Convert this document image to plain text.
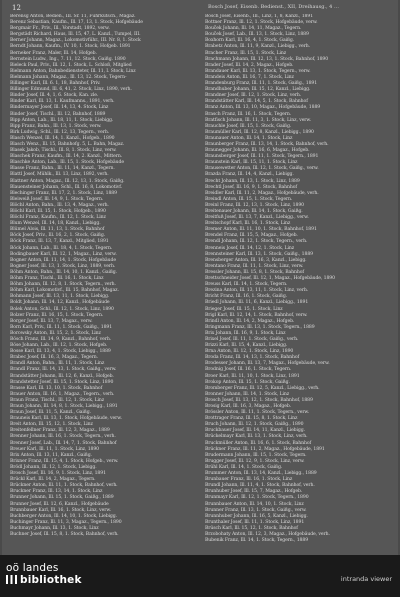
12	Bosch Josef, Eisenb. Bedienst., XII, Dreihausg., 4 …
Berensg Anton, Bedien., III. Sr. 11, Fuhrkutsch., Magaz.
Berenz Sebastian, Kaufm., Ill. 17, 13, 1. Stock, Hofgebäude
Bergmair Fr., Priv., Ill., Vorstadt, 1892, verw.
Bergstädt Richard, Haus, Ill. 15, 47, L. Kanzl., Tumpel, III.
Berner Johann, Magaz., Lokomotivführ., III. Nr. 8, 1. Stock
Berndt Johann, Kaufm., IV. 10, 1. Stock, Hofgeb. 1891
Berneker Franz, Maler, Ill. 14, Hofgeb.
Bernstein Ludw., Ing., 7. 11, 12. Stock, Gaißg. 1890
Bieleck Paul, Priv., Ill. 12, 1. Stock, L. Schloß, Mitglied
Bielmann Anton, Bahnbediensteter, Ill. 11, I. Stock, Linz
Bielmann Johann, Magaz., Ill. 13, 12. Stock, Tegern-
Billinger Karl, Ill. 6. 1, 18, Bahnhof, Priv.
Billinger Edmund, Ill. 6, 41, 2. Stock, Linz, 1890, verh.
Binder Josef, Ill. 4, 1, 6. Stock, Kan. zle.
Binder Karl, Ill. 13, 1. Kaufmanns., 1891, verh.
Bindermayer Josef, Ill. 14, 13, 4. Stock, Linz
Binder Josef, Tischl., Ill. 12, Bahnhof, 1889
Bipp Anton, Lab., Ill. 18, 11, 1. Stock, Liebigg.
Bipp Franz, Bahn., Ill. 13, 1. Stock, verw.
Birk Ludwig, Schl., Ill. 12, 13, Tegern., verh.
Blasch Wenzel, Ill. 14, 1. Kanzl., Hofgeb., 1890
Blasch Wenz., Ill. 15, Bahnhofg. 5, L. Bahn, Magaz.
Blasek Jakob, Tischl., Ill. 8, 1. Stock, Linz, verw.
Blaschek Franz, Kaufm., Ill. 14, 2. Kanzl., Mittern.
Blaschke Anton, Lab., Ill. 15, 1. Stock, Hofgebäude
Blasse Franz, Bahn., Ill. 11, 14, Kanzl., Tegern.
Blattl Josef, Mühlk., Ill. 13, Linz, 1892, verh.
Blattner Anton, Magaz., Ill. 12, 13, 1. Stock, Gaißg.
Blauensteiner Johann, Schl., Ill. 16, 8, Lokomotivf.
Blechinger Franz, Ill. 17, 2, 1. Stock, Linz, 1889
Bleiweiß Josef, Ill. 14, 9, 1. Stock, Tegern.
Blöchl Anton, Bahn., Ill. 13, 4, Magaz., verh.
Blöchl Karl, Ill. 15, 1. Stock, Hofgeb., 1890
Blöchl Franz, Kaufm., Ill. 12, 1. Stock, Linz
Blum Wenzel, Ill. 14, 18, Kanzl., Liebigg.
Blümel Alois, Ill. 11, 13, 1. Stock, Bahnhof
Böck Josef, Priv., Ill. 16, 2, 1. Stock, Gaißg.
Böck Franz, Ill. 13, 7, Kanzl., Mitglied, 1891
Böck Johann, Lab., Ill. 18, 4, 1. Stock, Tegern.
Bodingbauer Karl, Ill. 12, 1, Magaz., Linz, verw.
Bogner Anton, Ill. 11, 14, 1. Stock, Hofgebäude
Bogner Josef, Ill. 13, 1. Stock, Linz, 1889, verh.
Böhm Anton, Bahn., Ill. 14, 10, 1. Kanzl., Gaißg.
Böhm Franz, Tischl., Ill. 16, 1. Stock, Linz
Böhm Johann, Ill. 12, 8, 1. Stock, Tegern., verh.
Böhm Karl, Lokomotivf., Ill. 15, Bahnhof, Magaz.
Bohmann Josef, Ill. 13, 11, 1. Stock, Liebigg.
Boldt Johann, Ill. 14, 12, Kanzl., Hofgebäude
Bolek Anton, Schl., Ill. 12, 1. Stock, Linz, 1890
Bolzer Franz, Ill. 16, 15, 1. Stock, Tegern.
Borger Josef, Ill. 13, 7, Magaz., verw.
Born Karl, Priv., Ill. 11, 1. Stock, Gaißg., 1891
Borowsky Anton, Ill. 15, 2, 1. Stock, Linz
Bösch Franz, Ill. 14, 9, Kanzl., Bahnhof, verh.
Böse Johann, Lab., Ill. 12, 1. Stock, Hofgeb.
Bosse Karl, Ill. 13, 4, 1. Stock, Liebigg., 1889
Brabec Josef, Ill. 16, 3, Magaz., Tegern.
Brandl Anton, Bahn., Ill. 11, 1. Stock, Linz
Brandl Franz, Ill. 14, 13, 1. Stock, Gaißg., verw.
Brandstätter Johann, Ill. 12, 6, Kanzl., Hofgeb.
Brandstetter Josef, Ill. 15, 1. Stock, Linz, 1890
Brasse Karl, Ill. 13, 10, 1. Stock, Bahnhof
Brauer Anton, Ill. 16, 1, Magaz., Tegern., verh.
Braun Franz, Tischl., Ill. 12, 1. Stock, Linz
Braun Johann, Ill. 14, 8, 1. Stock, Liebigg., 1891
Braun Josef, Ill. 11, 5, Kanzl., Gaißg.
Brauneis Karl, Ill. 13, 1. Stock, Hofgebäude, verw.
Breit Anton, Ill. 15, 12, 1. Stock, Linz
Breitenfellner Franz, Ill. 12, 3, Magaz., 1889
Brenner Johann, Ill. 16, 1. Stock, Tegern., verh.
Brenner Josef, Lab., Ill. 14, 7, 1. Stock, Bahnhof
Breuer Karl, Ill. 11, 1. Stock, Linz, 1890
Brix Anton, Ill. 13, 11, Kanzl., Gaißg.
Brixner Franz, Ill. 15, 4, 1. Stock, Hofgeb., verw.
Brödl Johann, Ill. 12, 1. Stock, Liebigg.
Brosch Josef, Ill. 16, 9, 1. Stock, Linz, 1891
Brückl Karl, Ill. 14, 2, Magaz., Tegern.
Brückner Anton, Ill. 11, 1. Stock, Bahnhof, verh.
Bruckner Franz, Ill. 13, 14, 1. Stock, Linz
Brunner Johann, Ill. 15, 1. Stock, Gaißg., 1889
Brunner Josef, Ill. 12, 6, Kanzl., Hofgebäude
Brunnbauer Karl, Ill. 16, 1. Stock, Linz, verw.
Buchberger Anton, Ill. 14, 10, 1. Stock, Liebigg.
Buchinger Franz, Ill. 11, 3, Magaz., Tegern., 1890
Buchmayr Johann, Ill. 13, 1. Stock, Linz
Buchner Josef, Ill. 15, 8, 1. Stock, Bahnhof, verh.
Bosch Josef, Eisenb., III., Linz, 1, 8, Kanzl., 1891
Bottner Franz, Ill. 12, 1. Stock, Hofgebäude, verw.
Bouček Johann, Ill. 14, 11, Magaz., Tegern.
Bouček Josef, Lab., Ill. 13, 1. Stock, Linz, 1889
Boxhorn Karl, Ill. 16, 4, 1. Stock, Gaißg.
Brabetz Anton, Ill. 11, 9, Kanzl., Liebigg., verh.
Bracher Franz, Ill. 15, 1. Stock, Linz
Brachmann Johann, Ill. 12, 13, 1. Stock, Bahnhof, 1890
Brader Josef, Ill. 14, 2, Magaz., Hofgeb.
Brandauer Karl, Ill. 13, 1. Stock, Tegern., verw.
Brandeis Anton, Ill. 16, 7, 1. Stock, Linz
Brandenburg Franz, Ill. 11, 1. Stock, Gaißg., 1891
Brandhuber Johann, Ill. 15, 12, Kanzl., Liebigg.
Brandner Josef, Ill. 12, 1. Stock, Linz, verh.
Brandstätter Karl, Ill. 14, 5, 1. Stock, Bahnhof
Branz Anton, Ill. 13, 10, Magaz., Hofgebäude, 1889
Brasch Franz, Ill. 16, 1. Stock, Tegern.
Bratfisch Johann, Ill. 11, 3, 1. Stock, Linz, verw.
Brauchle Josef, Ill. 15, 1. Stock, Gaißg.
Braumüller Karl, Ill. 12, 8, Kanzl., Liebigg., 1890
Braunauer Anton, Ill. 14, 1. Stock, Linz
Braunberger Franz, Ill. 13, 14, 1. Stock, Bahnhof, verh.
Braunegger Johann, Ill. 16, 6, Magaz., Hofgeb.
Braunsberger Josef, Ill. 11, 1. Stock, Tegern., 1891
Braunstein Karl, Ill. 15, 11, 1. Stock, Linz
Brausewetter Anton, Ill. 12, 1. Stock, Gaißg., verw.
Brazda Franz, Ill. 14, 4, Kanzl., Liebigg.
Brecht Johann, Ill. 13, 1. Stock, Linz, 1889
Brechtl Josef, Ill. 16, 9, 1. Stock, Bahnhof
Breidler Karl, Ill. 11, 2, Magaz., Hofgebäude, verh.
Breindl Anton, Ill. 15, 1. Stock, Tegern.
Breinl Franz, Ill. 12, 13, 1. Stock, Linz, 1890
Breitenauer Johann, Ill. 14, 1. Stock, Gaißg.
Breitfuß Josef, Ill. 13, 7, Kanzl., Liebigg., verw.
Breitschopf Karl, Ill. 16, 1. Stock, Linz
Bremer Anton, Ill. 11, 10, 1. Stock, Bahnhof, 1891
Brendel Franz, Ill. 15, 5, Magaz., Hofgeb.
Brendl Johann, Ill. 12, 1. Stock, Tegern., verh.
Brenneis Josef, Ill. 14, 12, 1. Stock, Linz
Brennsteiner Karl, Ill. 13, 1. Stock, Gaißg., 1889
Brensberger Anton, Ill. 16, 3, Kanzl., Liebigg.
Brentano Franz, Ill. 11, 1. Stock, Linz, verw.
Bressler Johann, Ill. 15, 8, 1. Stock, Bahnhof
Brettschneider Josef, Ill. 12, 1, Magaz., Hofgebäude, 1890
Breuss Karl, Ill. 14, 1. Stock, Tegern.
Brezina Anton, Ill. 13, 11, 1. Stock, Linz, verh.
Bricht Franz, Ill. 16, 1. Stock, Gaißg.
Briedl Johann, Ill. 11, 6, Kanzl., Liebigg., 1891
Brieger Josef, Ill. 15, 1. Stock, Linz
Brigl Karl, Ill. 12, 14, 1. Stock, Bahnhof, verw.
Brindl Anton, Ill. 14, 2, Magaz., Hofgeb.
Bringmann Franz, Ill. 13, 1. Stock, Tegern., 1889
Brix Johann, Ill. 16, 9, 1. Stock, Linz
Brixel Josef, Ill. 11, 1. Stock, Gaißg., verh.
Brizzi Karl, Ill. 15, 4, Kanzl., Liebigg.
Brna Anton, Ill. 12, 1. Stock, Linz, 1890
Broda Franz, Ill. 14, 13, 1. Stock, Bahnhof
Brodesser Johann, Ill. 13, 7, Magaz., Hofgebäude, verw.
Brodnig Josef, Ill. 16, 1. Stock, Tegern.
Broer Karl, Ill. 11, 10, 1. Stock, Linz, 1891
Brokop Anton, Ill. 15, 1. Stock, Gaißg.
Bromberger Franz, Ill. 12, 5, Kanzl., Liebigg., verh.
Bronner Johann, Ill. 14, 1. Stock, Linz
Brosch Josef, Ill. 13, 12, 1. Stock, Bahnhof, 1889
Brosig Karl, Ill. 16, 3, Magaz., Hofgeb.
Brössler Anton, Ill. 11, 1. Stock, Tegern., verw.
Brottrager Franz, Ill. 15, 8, 1. Stock, Linz
Bruch Johann, Ill. 12, 1. Stock, Gaißg., 1890
Bruckbauer Josef, Ill. 14, 11, Kanzl., Liebigg.
Brückelmayr Karl, Ill. 13, 1. Stock, Linz, verh.
Bruckmüller Anton, Ill. 16, 6, 1. Stock, Bahnhof
Brückner Franz, Ill. 11, 2, Magaz., Hofgebäude, 1891
Brudermann Johann, Ill. 15, 1. Stock, Tegern.
Brugger Josef, Ill. 12, 9, 1. Stock, Linz, verw.
Brühl Karl, Ill. 14, 1. Stock, Gaißg.
Brummer Anton, Ill. 13, 14, Kanzl., Liebigg., 1889
Brunbauer Franz, Ill. 16, 1. Stock, Linz
Brundl Johann, Ill. 11, 4, 1. Stock, Bahnhof, verh.
Brunhuber Josef, Ill. 15, 7, Magaz., Hofgeb.
Brunmayr Karl, Ill. 12, 1. Stock, Tegern., 1890
Brunnbauer Anton, Ill. 14, 10, 1. Stock, Linz
Brunner Franz, Ill. 13, 1. Stock, Gaißg., verw.
Brunnhuber Johann, Ill. 16, 5, Kanzl., Liebigg.
Brunthaler Josef, Ill. 11, 1. Stock, Linz, 1891
Brüsch Karl, Ill. 15, 12, 1. Stock, Bahnhof
Brzobohaty Anton, Ill. 12, 3, Magaz., Hofgebäude, verh.
Bubenik Franz, Ill. 14, 1. Stock, Tegern., 1889
oö landes
bibliothek	intranda viewer
